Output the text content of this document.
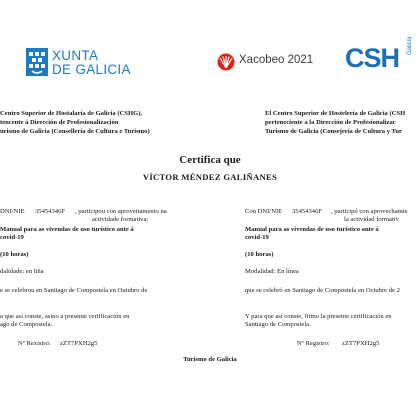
XUNTA
DE GALICIA
Xacobeo 2021 CSH Galicia
Centro Superior de Hostalaría de Galicia (CSHG),
tencente á Dirección de Profesionalización
urismo de Galicia (Consellería de Cultura e Turismo)
El Centro Superior de Hostelería de Galicia (CSH
perteneciente a la Dirección de Profesionalizac
Turismo de Galicia (Consejería de Cultura y Tur
Certifica que
VÍCTOR MÉNDEZ GALIÑANES
DNI/NIE 35454346F , participou con aproveitamento na
actividade formativa:
Manual para as vivendas de uso turístico ante á
covid-19
(10 horas)
dalidade: en liña
e se celebrou en Santiago de Compostela en Outubro de
a que así conste, asino a presente certificación en
ago de Compostela.
Nº Rexistro: zZT7PXH2g5
Con DNI/NIE 35454346F , participó con aprovechamie
la actividad formativ
Manual para as vivendas de uso turístico ante á
covid-19
(10 horas)
Modalidad: En línea
que se celebró en Santiago de Compostela en Octubre de 2
Y para que así conste, firmo la presente certificación en
Santiago de Compostela.
Nº Registro: zZT7PXH2g5
Turismo de Galicia
